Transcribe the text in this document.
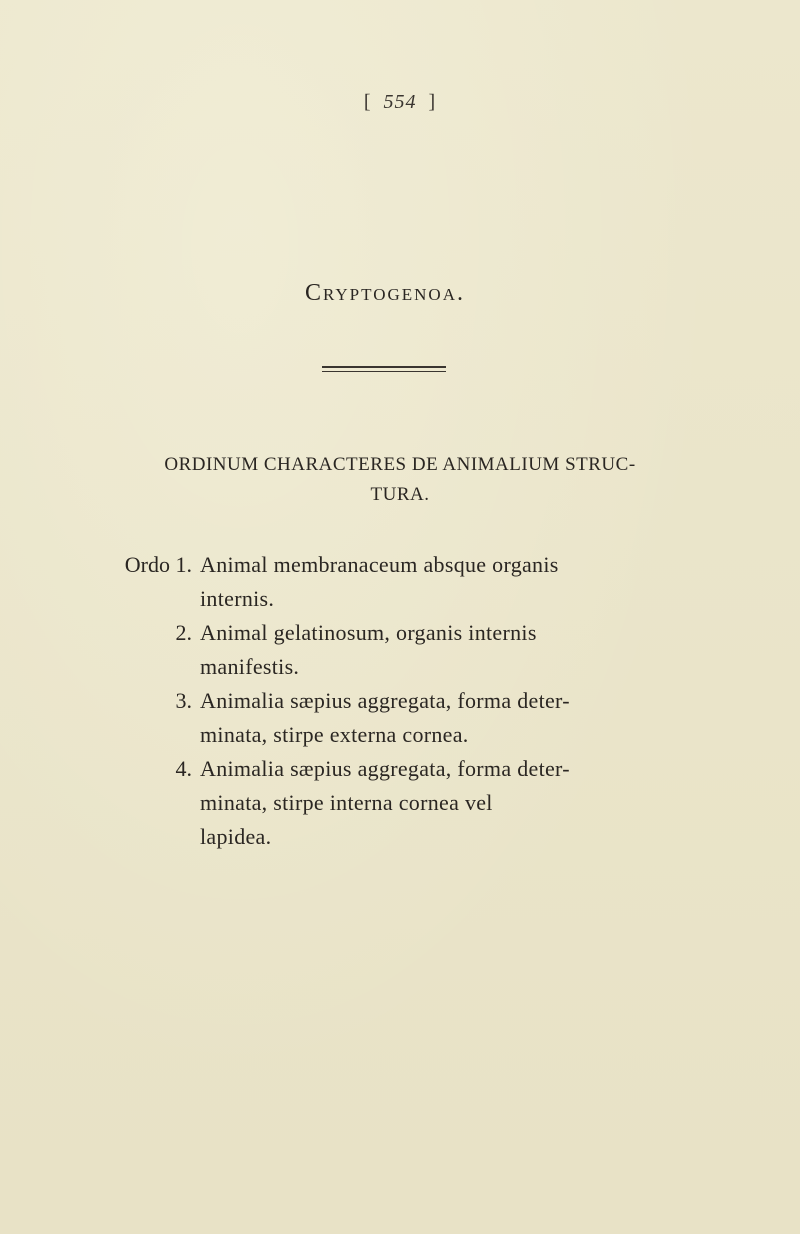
[ 554 ]
Cryptogenoa.
ORDINUM CHARACTERES DE ANIMALIUM STRUC-
TURA.
Ordo 1. Animal membranaceum absque organis
internis.
2. Animal gelatinosum, organis internis
manifestis.
3. Animalia sæpius aggregata, forma deter-
minata, stirpe externa cornea.
4. Animalia sæpius aggregata, forma deter-
minata, stirpe interna cornea vel
lapidea.
